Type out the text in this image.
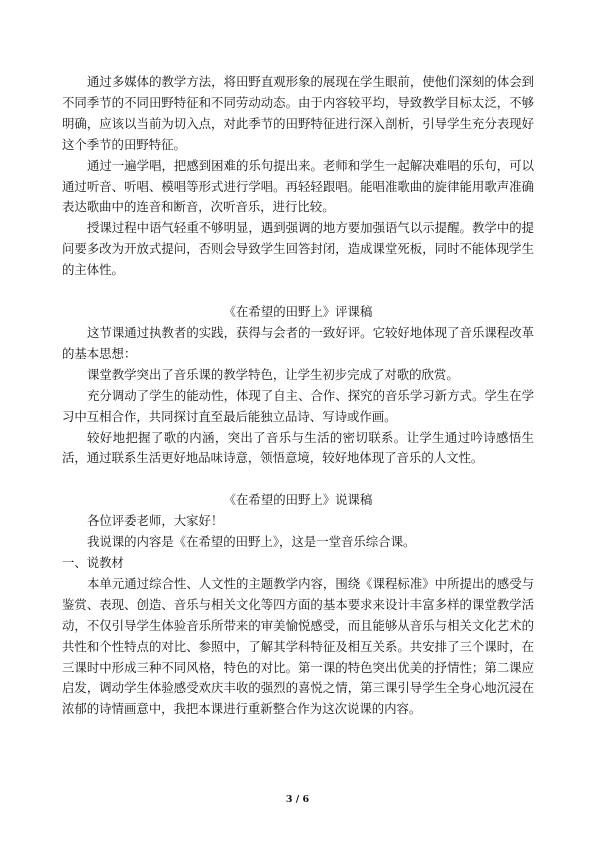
通过多媒体的教学方法，将田野直观形象的展现在学生眼前，使他们深刻的体会到不同季节的不同田野特征和不同劳动动态。由于内容较平均，导致教学目标太泛，不够明确，应该以当前为切入点，对此季节的田野特征进行深入剖析，引导学生充分表现好这个季节的田野特征。

通过一遍学唱，把感到困难的乐句提出来。老师和学生一起解决难唱的乐句，可以通过听音、听唱、模唱等形式进行学唱。再轻轻跟唱。能唱准歌曲的旋律能用歌声准确表达歌曲中的连音和断音，次听音乐，进行比较。

授课过程中语气轻重不够明显，遇到强调的地方要加强语气以示提醒。教学中的提问要多改为开放式提问，否则会导致学生回答封闭，造成课堂死板，同时不能体现学生的主体性。

《在希望的田野上》评课稿

这节课通过执教者的实践，获得与会者的一致好评。它较好地体现了音乐课程改革的基本思想：

课堂教学突出了音乐课的教学特色，让学生初步完成了对歌的欣赏。

充分调动了学生的能动性，体现了自主、合作、探究的音乐学习新方式。学生在学习中互相合作，共同探讨直至最后能独立品诗、写诗或作画。

较好地把握了歌的内涵，突出了音乐与生活的密切联系。让学生通过吟诗感悟生活，通过联系生活更好地品味诗意，领悟意境，较好地体现了音乐的人文性。

《在希望的田野上》说课稿

各位评委老师，大家好！

我说课的内容是《在希望的田野上》，这是一堂音乐综合课。

一、说教材

本单元通过综合性、人文性的主题教学内容，围绕《课程标准》中所提出的感受与鉴赏、表现、创造、音乐与相关文化等四方面的基本要求来设计丰富多样的课堂教学活动，不仅引导学生体验音乐所带来的审美愉悦感受，而且能够从音乐与相关文化艺术的共性和个性特点的对比、参照中，了解其学科特征及相互关系。共安排了三个课时，在三课时中形成三种不同风格，特色的对比。第一课的特色突出优美的抒情性；第二课应启发，调动学生体验感受欢庆丰收的强烈的喜悦之情，第三课引导学生全身心地沉浸在浓郁的诗情画意中，我把本课进行重新整合作为这次说课的内容。

3 / 6
